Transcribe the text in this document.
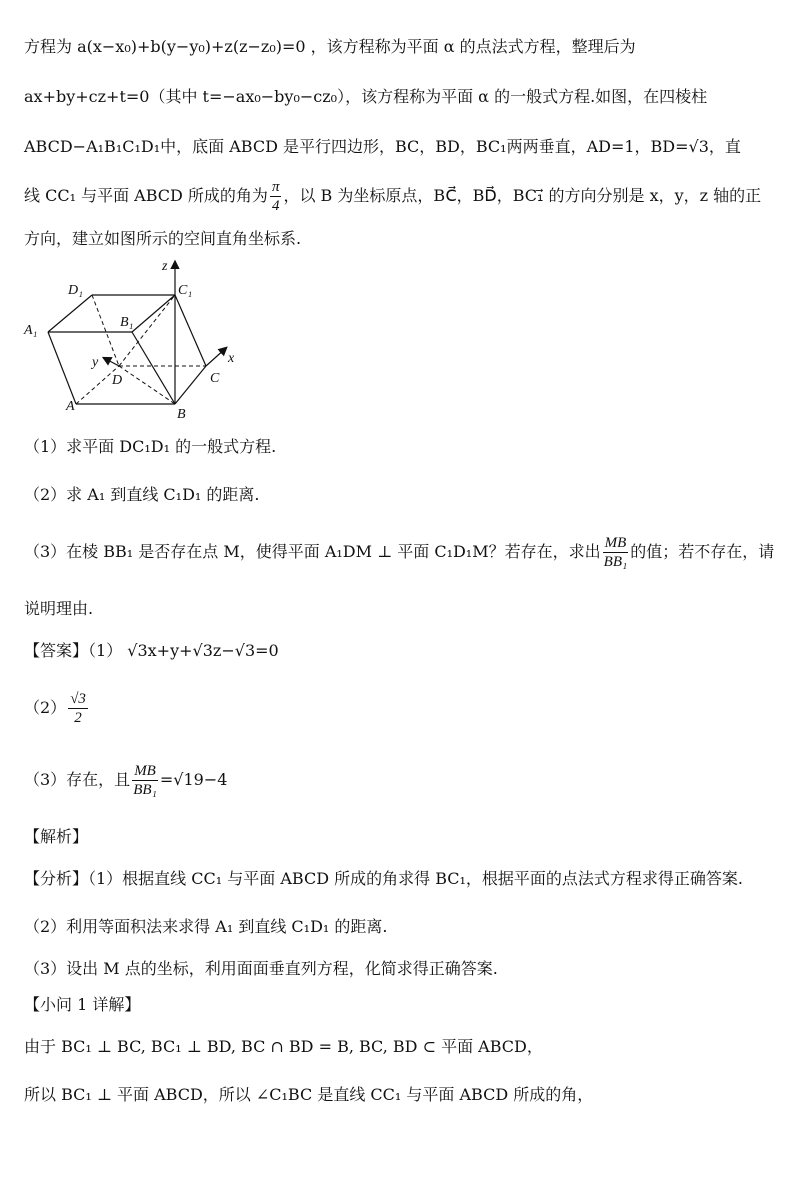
方程为 a(x−x₀)+b(y−y₀)+z(z−z₀)=0 ，该方程称为平面 α 的点法式方程，整理后为
ax+by+cz+t=0（其中 t=−ax₀−by₀−cz₀），该方程称为平面 α 的一般式方程.如图，在四棱柱
ABCD−A₁B₁C₁D₁中，底面 ABCD 是平行四边形，BC，BD，BC₁两两垂直，AD=1，BD=√3，直
线 CC₁ 与平面 ABCD 所成的角为 $\frac{\pi}{4}$ ，以 B 为坐标原点，BC⃗，BD⃗，BC₁⃗ 的方向分别是 x，y，z 轴的正
方向，建立如图所示的空间直角坐标系.
z
D₁	C₁
A₁
B₁
y
D
x
C
A
B
（1）求平面 DC₁D₁ 的一般式方程.
（2）求 A₁ 到直线 C₁D₁ 的距离.
（3）在棱 BB₁ 是否存在点 M，使得平面 A₁DM ⊥ 平面 C₁D₁M？若存在，求出 $\frac{MB}{\text{BB₁}}$ 的值；若不存在，请
说明理由.
【答案】（1） √3x+y+√3z−√3=0
$(2) \frac{√3}{2}$
（3）存在，且 $\frac{MB}{\text{BB₁}} =√19-4$
【解析】
【分析】（1）根据直线 CC₁ 与平面 ABCD 所成的角求得 BC₁，根据平面的点法式方程求得正确答案.
（2）利用等面积法来求得 A₁ 到直线 C₁D₁ 的距离.
（3）设出 M 点的坐标，利用面面垂直列方程，化简求得正确答案.
【小问 1 详解】
由于 BC₁ ⊥ BC, BC₁ ⊥ BD, BC ∩ BD = B, BC, BD ⊂ 平面 ABCD，
所以 BC₁ ⊥ 平面 ABCD，所以 ∠C₁BC 是直线 CC₁ 与平面 ABCD 所成的角，
